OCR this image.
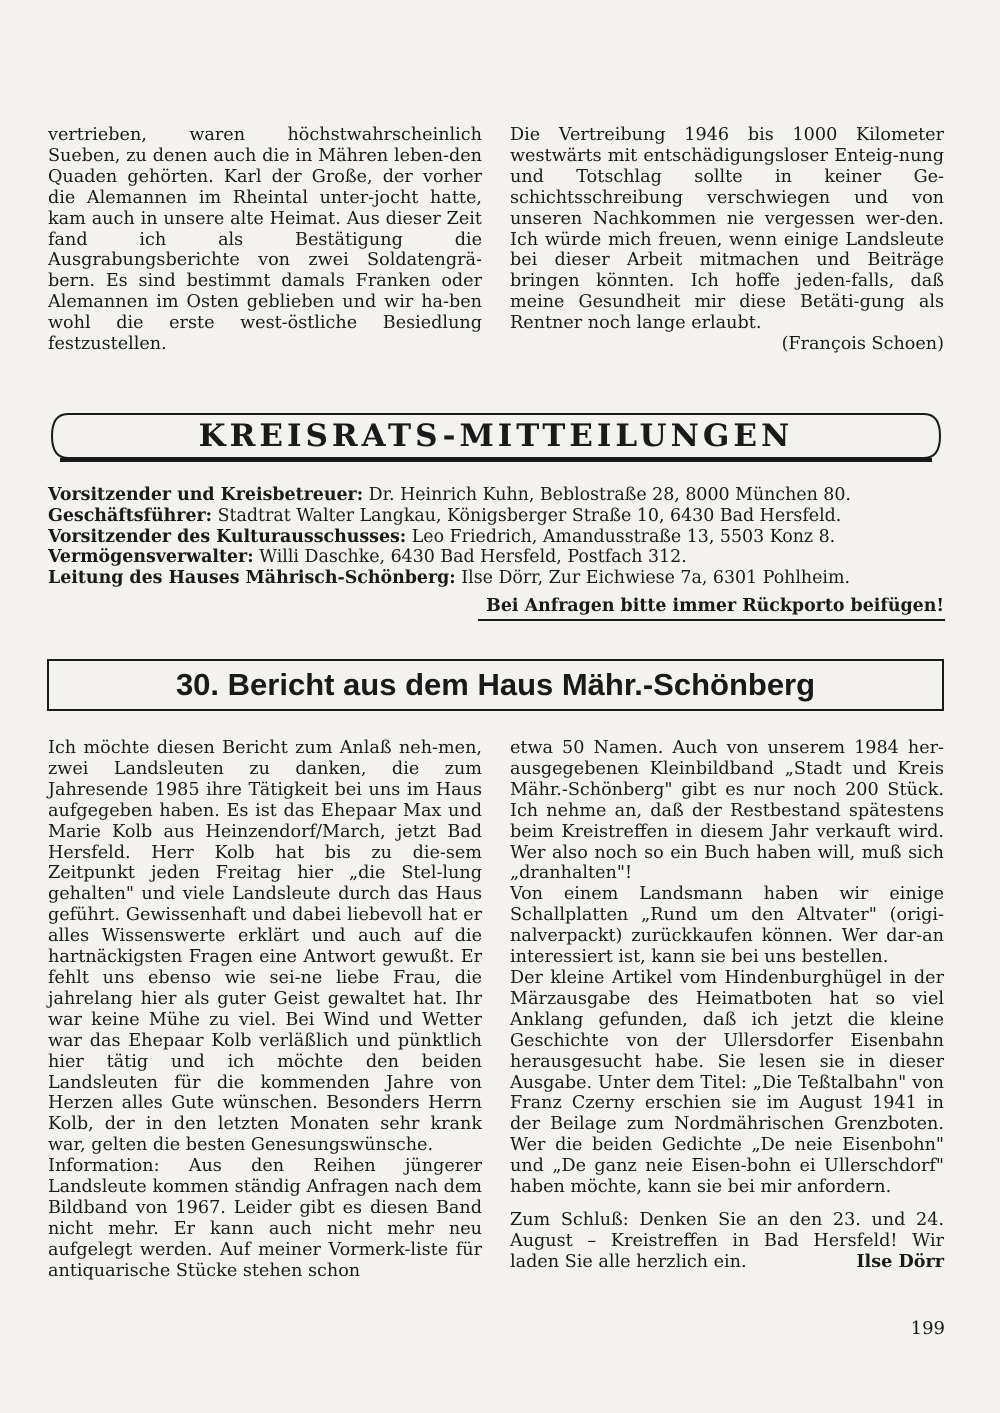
vertrieben, waren höchstwahrscheinlich Sueben, zu denen auch die in Mähren leben-den Quaden gehörten. Karl der Große, der vorher die Alemannen im Rheintal unter-jocht hatte, kam auch in unsere alte Heimat. Aus dieser Zeit fand ich als Bestätigung die Ausgrabungsberichte von zwei Soldatengrä-bern. Es sind bestimmt damals Franken oder Alemannen im Osten geblieben und wir ha-ben wohl die erste west-östliche Besiedlung festzustellen.

Die Vertreibung 1946 bis 1000 Kilometer westwärts mit entschädigungsloser Enteig-nung und Totschlag sollte in keiner Ge-schichtsschreibung verschwiegen und von unseren Nachkommen nie vergessen wer-den. Ich würde mich freuen, wenn einige Landsleute bei dieser Arbeit mitmachen und Beiträge bringen könnten. Ich hoffe jeden-falls, daß meine Gesundheit mir diese Betäti-gung als Rentner noch lange erlaubt.

(François Schoen)

KREISRATS-MITTEILUNGEN
Vorsitzender und Kreisbetreuer: Dr. Heinrich Kuhn, Beblostraße 28, 8000 München 80.
Geschäftsführer: Stadtrat Walter Langkau, Königsberger Straße 10, 6430 Bad Hersfeld.
Vorsitzender des Kulturausschusses: Leo Friedrich, Amandusstraße 13, 5503 Konz 8.
Vermögensverwalter: Willi Daschke, 6430 Bad Hersfeld, Postfach 312.
Leitung des Hauses Mährisch-Schönberg: Ilse Dörr, Zur Eichwiese 7a, 6301 Pohlheim.
Bei Anfragen bitte immer Rückporto beifügen!
30. Bericht aus dem Haus Mähr.-Schönberg

Ich möchte diesen Bericht zum Anlaß neh-men, zwei Landsleuten zu danken, die zum Jahresende 1985 ihre Tätigkeit bei uns im Haus aufgegeben haben. Es ist das Ehepaar Max und Marie Kolb aus Heinzendorf/March, jetzt Bad Hersfeld. Herr Kolb hat bis zu die-sem Zeitpunkt jeden Freitag hier „die Stel-lung gehalten" und viele Landsleute durch das Haus geführt. Gewissenhaft und dabei liebevoll hat er alles Wissenswerte erklärt und auch auf die hartnäckigsten Fragen eine Antwort gewußt. Er fehlt uns ebenso wie sei-ne liebe Frau, die jahrelang hier als guter Geist gewaltet hat. Ihr war keine Mühe zu viel. Bei Wind und Wetter war das Ehepaar Kolb verläßlich und pünktlich hier tätig und ich möchte den beiden Landsleuten für die kommenden Jahre von Herzen alles Gute wünschen. Besonders Herrn Kolb, der in den letzten Monaten sehr krank war, gelten die besten Genesungswünsche.

Information: Aus den Reihen jüngerer Landsleute kommen ständig Anfragen nach dem Bildband von 1967. Leider gibt es diesen Band nicht mehr. Er kann auch nicht mehr neu aufgelegt werden. Auf meiner Vormerk-liste für antiquarische Stücke stehen schon

etwa 50 Namen. Auch von unserem 1984 her-ausgegebenen Kleinbildband „Stadt und Kreis Mähr.-Schönberg" gibt es nur noch 200 Stück. Ich nehme an, daß der Restbestand spätestens beim Kreistreffen in diesem Jahr verkauft wird. Wer also noch so ein Buch haben will, muß sich „dranhalten"!

Von einem Landsmann haben wir einige Schallplatten „Rund um den Altvater" (origi-nalverpackt) zurückkaufen können. Wer dar-an interessiert ist, kann sie bei uns bestellen.

Der kleine Artikel vom Hindenburghügel in der Märzausgabe des Heimatboten hat so viel Anklang gefunden, daß ich jetzt die kleine Geschichte von der Ullersdorfer Eisenbahn herausgesucht habe. Sie lesen sie in dieser Ausgabe. Unter dem Titel: „Die Teßtalbahn" von Franz Czerny erschien sie im August 1941 in der Beilage zum Nordmährischen Grenzboten. Wer die beiden Gedichte „De neie Eisenbohn" und „De ganz neie Eisen-bohn ei Ullerschdorf" haben möchte, kann sie bei mir anfordern.

Zum Schluß: Denken Sie an den 23. und 24. August – Kreistreffen in Bad Hersfeld! Wir laden Sie alle herzlich ein.	Ilse Dörr

199
